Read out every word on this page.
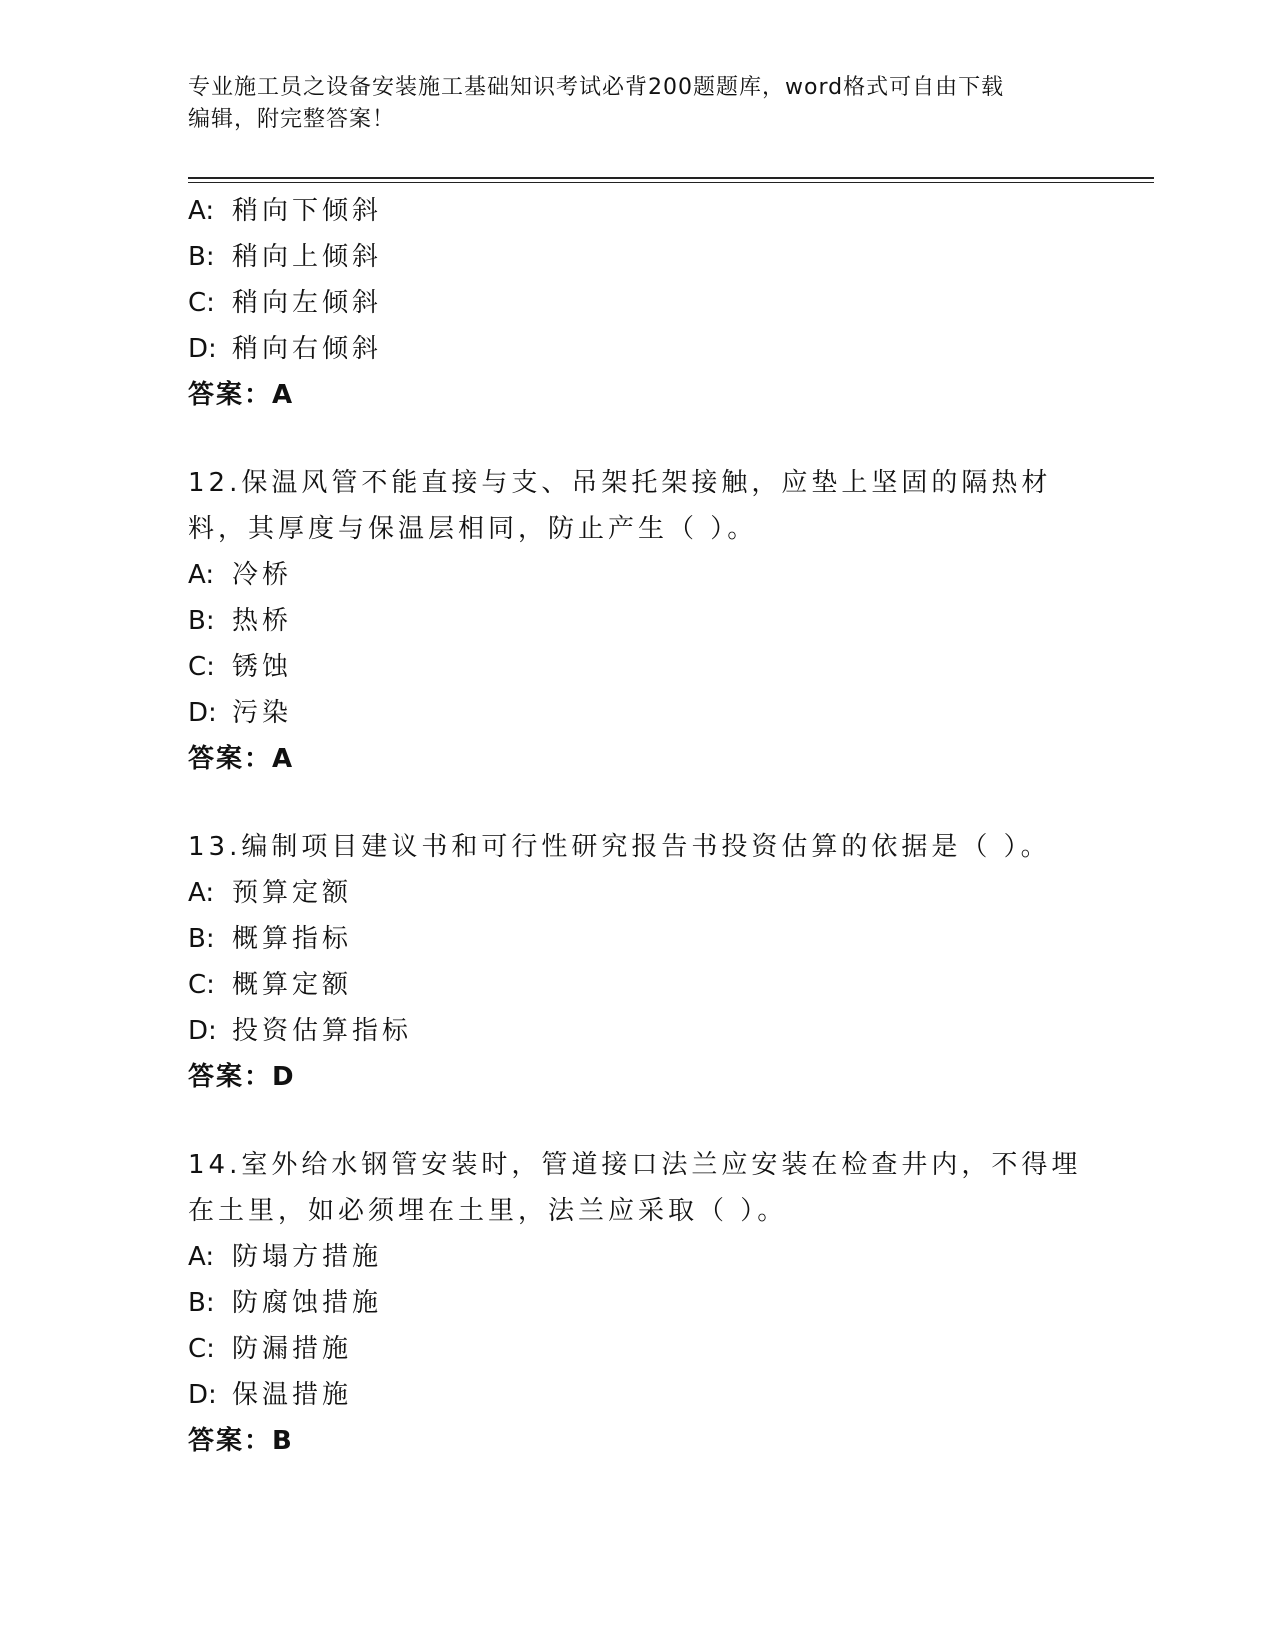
专业施工员之设备安装施工基础知识考试必背200题题库，word格式可自由下载
编辑，附完整答案！

A: 稍向下倾斜

B: 稍向上倾斜

C: 稍向左倾斜

D: 稍向右倾斜

答案：A

12.保温风管不能直接与支、吊架托架接触，应垫上坚固的隔热材料，其厚度与保温层相同，防止产生（ ）。

A: 冷桥

B: 热桥

C: 锈蚀

D: 污染

答案：A

13.编制项目建议书和可行性研究报告书投资估算的依据是（ ）。

A: 预算定额

B: 概算指标

C: 概算定额

D: 投资估算指标

答案：D

14.室外给水钢管安装时，管道接口法兰应安装在检查井内，不得埋在土里，如必须埋在土里，法兰应采取（ ）。

A: 防塌方措施

B: 防腐蚀措施

C: 防漏措施

D: 保温措施

答案：B
